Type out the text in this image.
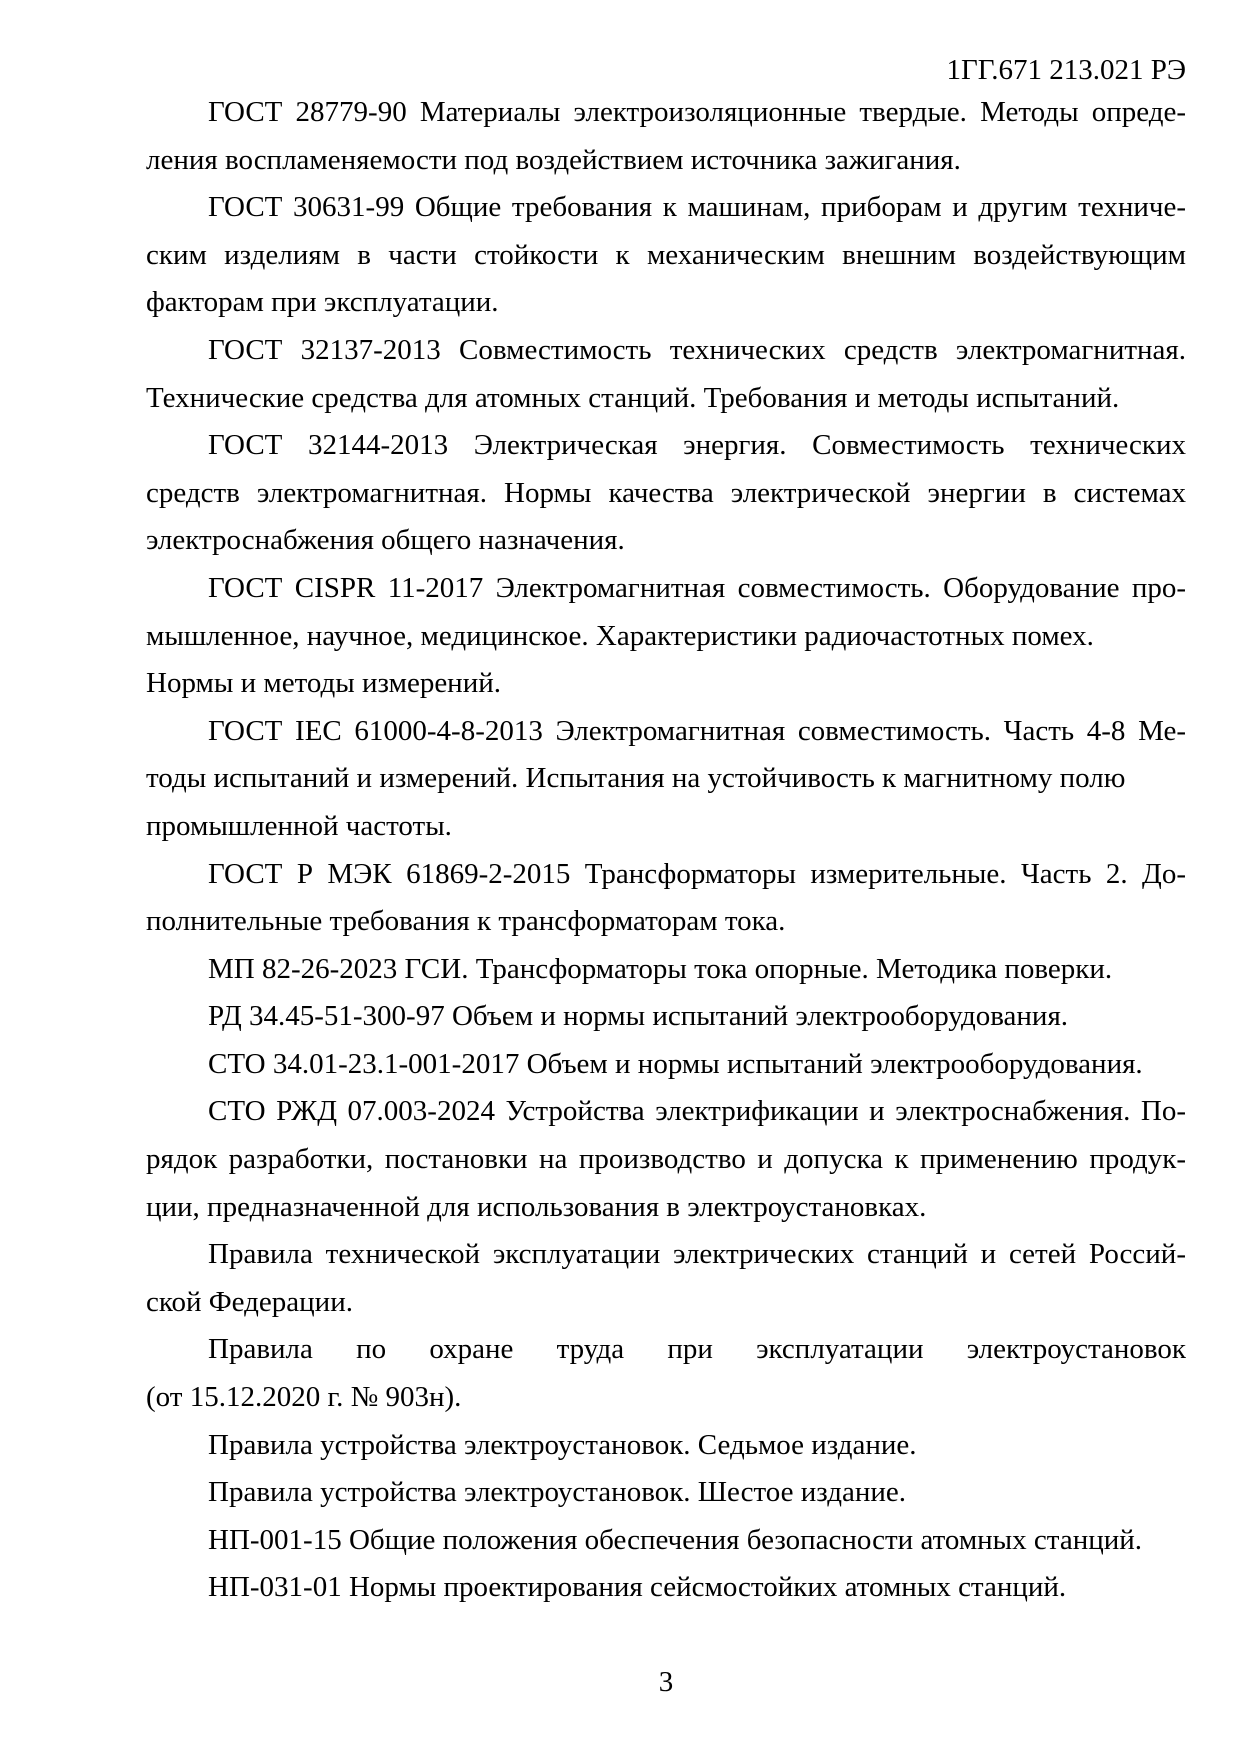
1ГГ.671 213.021 РЭ
ГОСТ 28779-90 Материалы электроизоляционные твердые. Методы опреде-
ления воспламеняемости под воздействием источника зажигания.
ГОСТ 30631-99 Общие требования к машинам, приборам и другим техниче-
ским изделиям в части стойкости к механическим внешним воздействующим
факторам при эксплуатации.
ГОСТ 32137-2013 Совместимость технических средств электромагнитная.
Технические средства для атомных станций. Требования и методы испытаний.
ГОСТ 32144-2013 Электрическая энергия. Совместимость технических
средств электромагнитная. Нормы качества электрической энергии в системах
электроснабжения общего назначения.
ГОСТ CISPR 11-2017 Электромагнитная совместимость. Оборудование про-
мышленное, научное, медицинское. Характеристики радиочастотных помех.
Нормы и методы измерений.
ГОСТ IEC 61000-4-8-2013 Электромагнитная совместимость. Часть 4-8 Ме-
тоды испытаний и измерений. Испытания на устойчивость к магнитному полю
промышленной частоты.
ГОСТ Р МЭК 61869-2-2015 Трансформаторы измерительные. Часть 2. До-
полнительные требования к трансформаторам тока.
МП 82-26-2023 ГСИ. Трансформаторы тока опорные. Методика поверки.
РД 34.45-51-300-97 Объем и нормы испытаний электрооборудования.
СТО 34.01-23.1-001-2017 Объем и нормы испытаний электрооборудования.
СТО РЖД 07.003-2024 Устройства электрификации и электроснабжения. По-
рядок разработки, постановки на производство и допуска к применению продук-
ции, предназначенной для использования в электроустановках.
Правила технической эксплуатации электрических станций и сетей Россий-
ской Федерации.
Правила по охране труда при эксплуатации электроустановок
(от 15.12.2020 г. № 903н).
Правила устройства электроустановок. Седьмое издание.
Правила устройства электроустановок. Шестое издание.
НП-001-15 Общие положения обеспечения безопасности атомных станций.
НП-031-01 Нормы проектирования сейсмостойких атомных станций.
3
